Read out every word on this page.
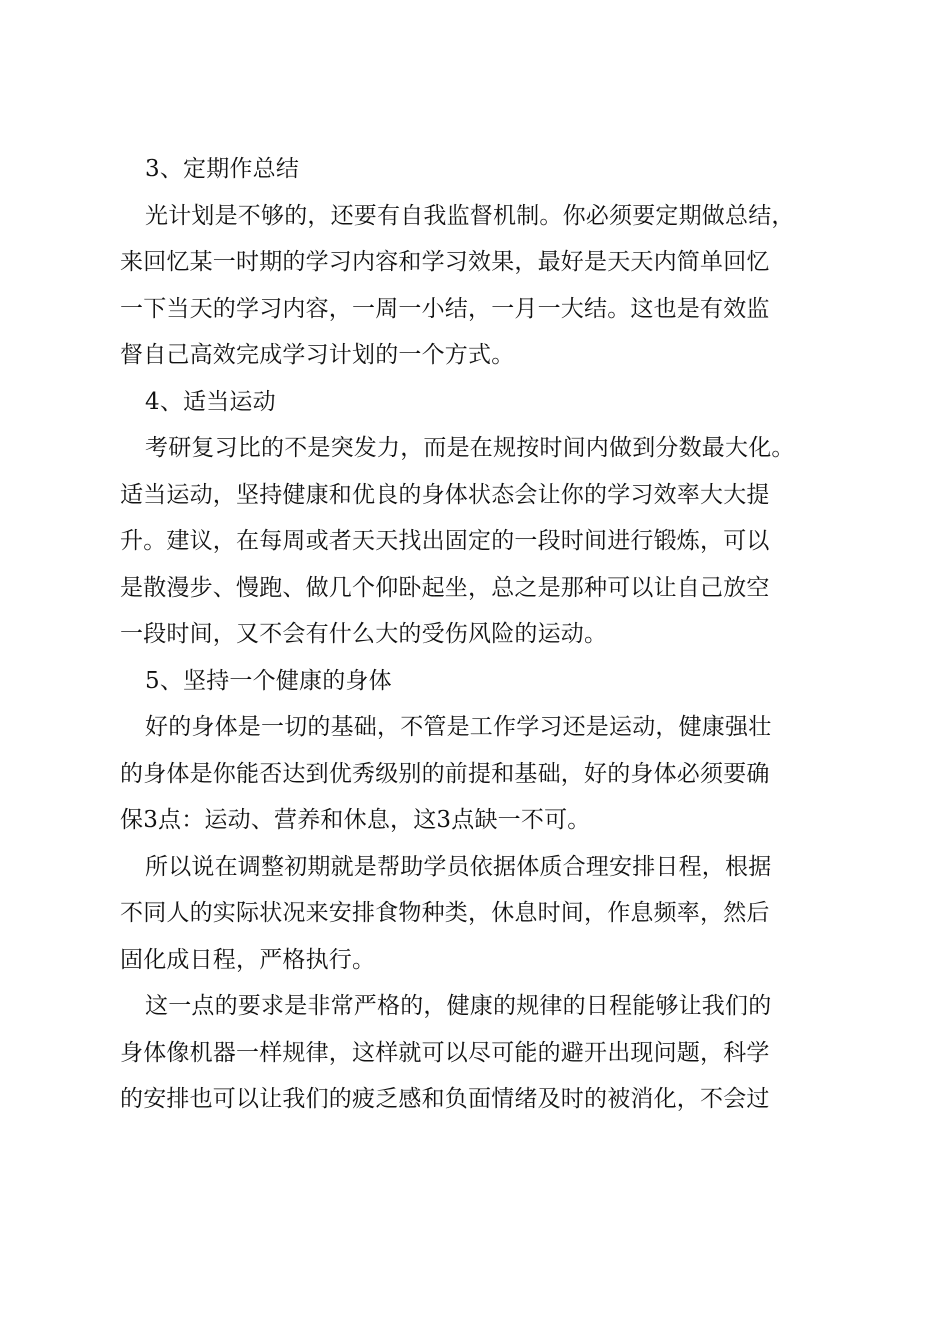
3、定期作总结
光计划是不够的，还要有自我监督机制。你必须要定期做总结，
来回忆某一时期的学习内容和学习效果，最好是天天内简单回忆
一下当天的学习内容，一周一小结，一月一大结。这也是有效监
督自己高效完成学习计划的一个方式。
4、适当运动
考研复习比的不是突发力，而是在规按时间内做到分数最大化。
适当运动，坚持健康和优良的身体状态会让你的学习效率大大提
升。建议，在每周或者天天找出固定的一段时间进行锻炼，可以
是散漫步、慢跑、做几个仰卧起坐，总之是那种可以让自己放空
一段时间，又不会有什么大的受伤风险的运动。
5、坚持一个健康的身体
好的身体是一切的基础，不管是工作学习还是运动，健康强壮
的身体是你能否达到优秀级别的前提和基础，好的身体必须要确
保3点：运动、营养和休息，这3点缺一不可。
所以说在调整初期就是帮助学员依据体质合理安排日程，根据
不同人的实际状况来安排食物种类，休息时间，作息频率，然后
固化成日程，严格执行。
这一点的要求是非常严格的，健康的规律的日程能够让我们的
身体像机器一样规律，这样就可以尽可能的避开出现问题，科学
的安排也可以让我们的疲乏感和负面情绪及时的被消化，不会过
